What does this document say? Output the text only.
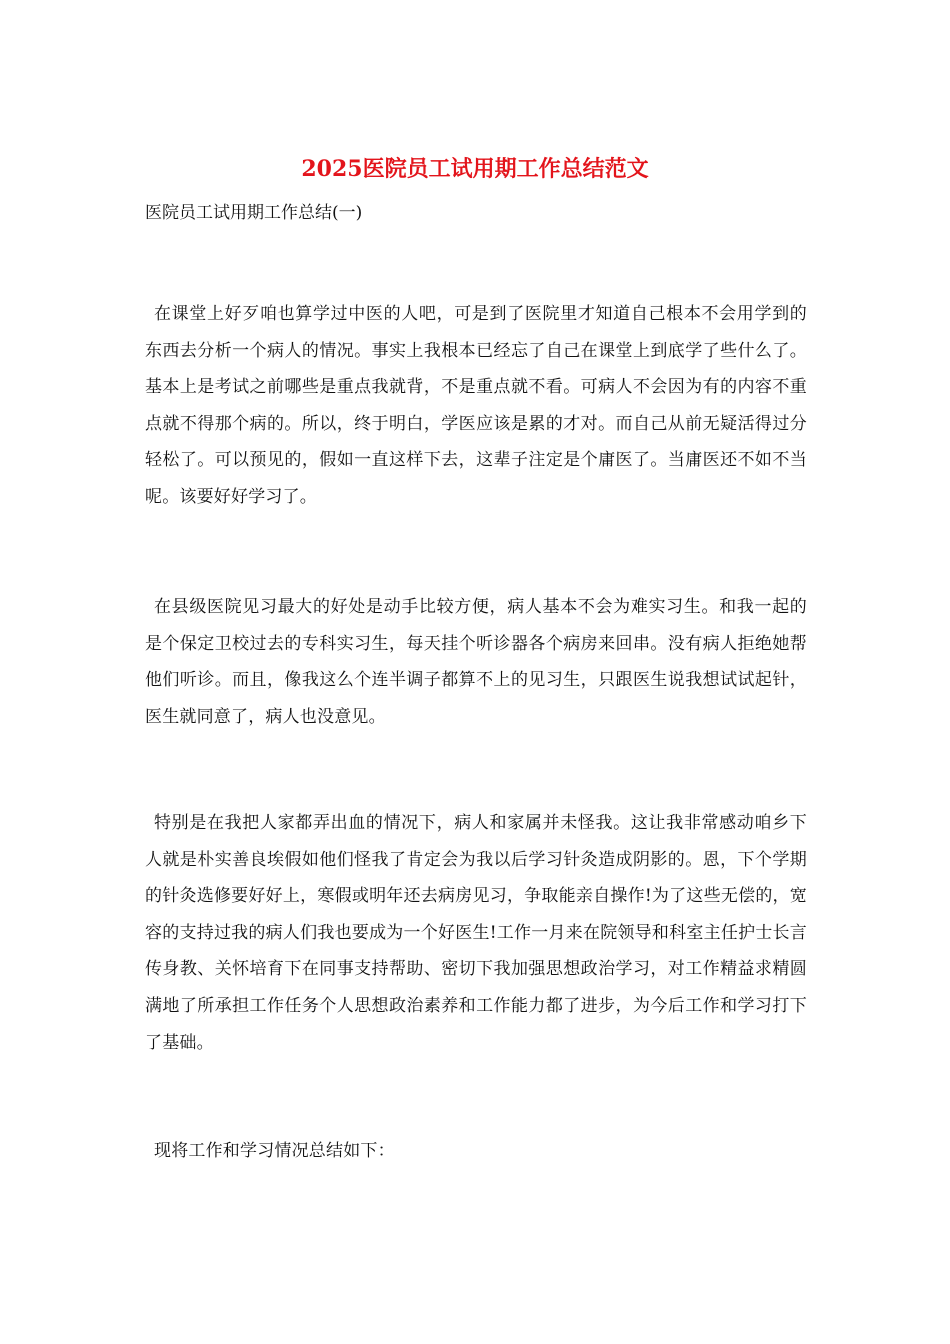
2025医院员工试用期工作总结范文

医院员工试用期工作总结(一)

在课堂上好歹咱也算学过中医的人吧，可是到了医院里才知道自己根本不会用学到的东西去分析一个病人的情况。事实上我根本已经忘了自己在课堂上到底学了些什么了。基本上是考试之前哪些是重点我就背，不是重点就不看。可病人不会因为有的内容不重点就不得那个病的。所以，终于明白，学医应该是累的才对。而自己从前无疑活得过分轻松了。可以预见的，假如一直这样下去，这辈子注定是个庸医了。当庸医还不如不当呢。该要好好学习了。

在县级医院见习最大的好处是动手比较方便，病人基本不会为难实习生。和我一起的是个保定卫校过去的专科实习生，每天挂个听诊器各个病房来回串。没有病人拒绝她帮他们听诊。而且，像我这么个连半调子都算不上的见习生，只跟医生说我想试试起针，医生就同意了，病人也没意见。

特别是在我把人家都弄出血的情况下，病人和家属并未怪我。这让我非常感动咱乡下人就是朴实善良埃假如他们怪我了肯定会为我以后学习针灸造成阴影的。恩，下个学期的针灸选修要好好上，寒假或明年还去病房见习，争取能亲自操作!为了这些无偿的，宽容的支持过我的病人们我也要成为一个好医生!工作一月来在院领导和科室主任护士长言传身教、关怀培育下在同事支持帮助、密切下我加强思想政治学习，对工作精益求精圆满地了所承担工作任务个人思想政治素养和工作能力都了进步，为今后工作和学习打下了基础。

现将工作和学习情况总结如下：
